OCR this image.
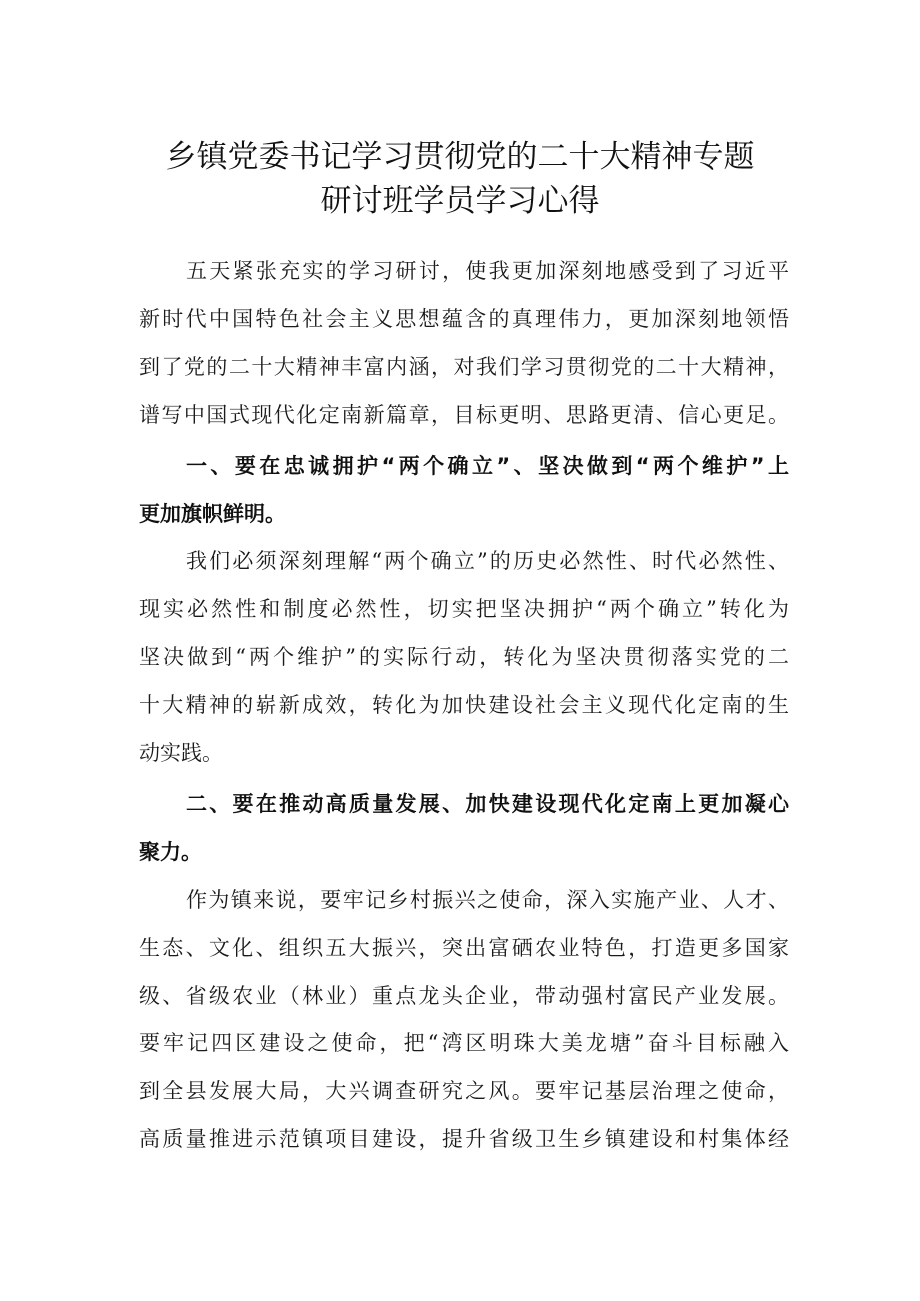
乡镇党委书记学习贯彻党的二十大精神专题
研讨班学员学习心得
五天紧张充实的学习研讨，使我更加深刻地感受到了习近平
新时代中国特色社会主义思想蕴含的真理伟力，更加深刻地领悟
到了党的二十大精神丰富内涵，对我们学习贯彻党的二十大精神，
谱写中国式现代化定南新篇章，目标更明、思路更清、信心更足。
一、要在忠诚拥护“两个确立”、坚决做到“两个维护”上
更加旗帜鲜明。
我们必须深刻理解“两个确立”的历史必然性、时代必然性、
现实必然性和制度必然性，切实把坚决拥护“两个确立”转化为
坚决做到“两个维护”的实际行动，转化为坚决贯彻落实党的二
十大精神的崭新成效，转化为加快建设社会主义现代化定南的生
动实践。
二、要在推动高质量发展、加快建设现代化定南上更加凝心
聚力。
作为镇来说，要牢记乡村振兴之使命，深入实施产业、人才、
生态、文化、组织五大振兴，突出富硒农业特色，打造更多国家
级、省级农业（林业）重点龙头企业，带动强村富民产业发展。
要牢记四区建设之使命，把“湾区明珠大美龙塘”奋斗目标融入
到全县发展大局，大兴调查研究之风。要牢记基层治理之使命，
高质量推进示范镇项目建设，提升省级卫生乡镇建设和村集体经
